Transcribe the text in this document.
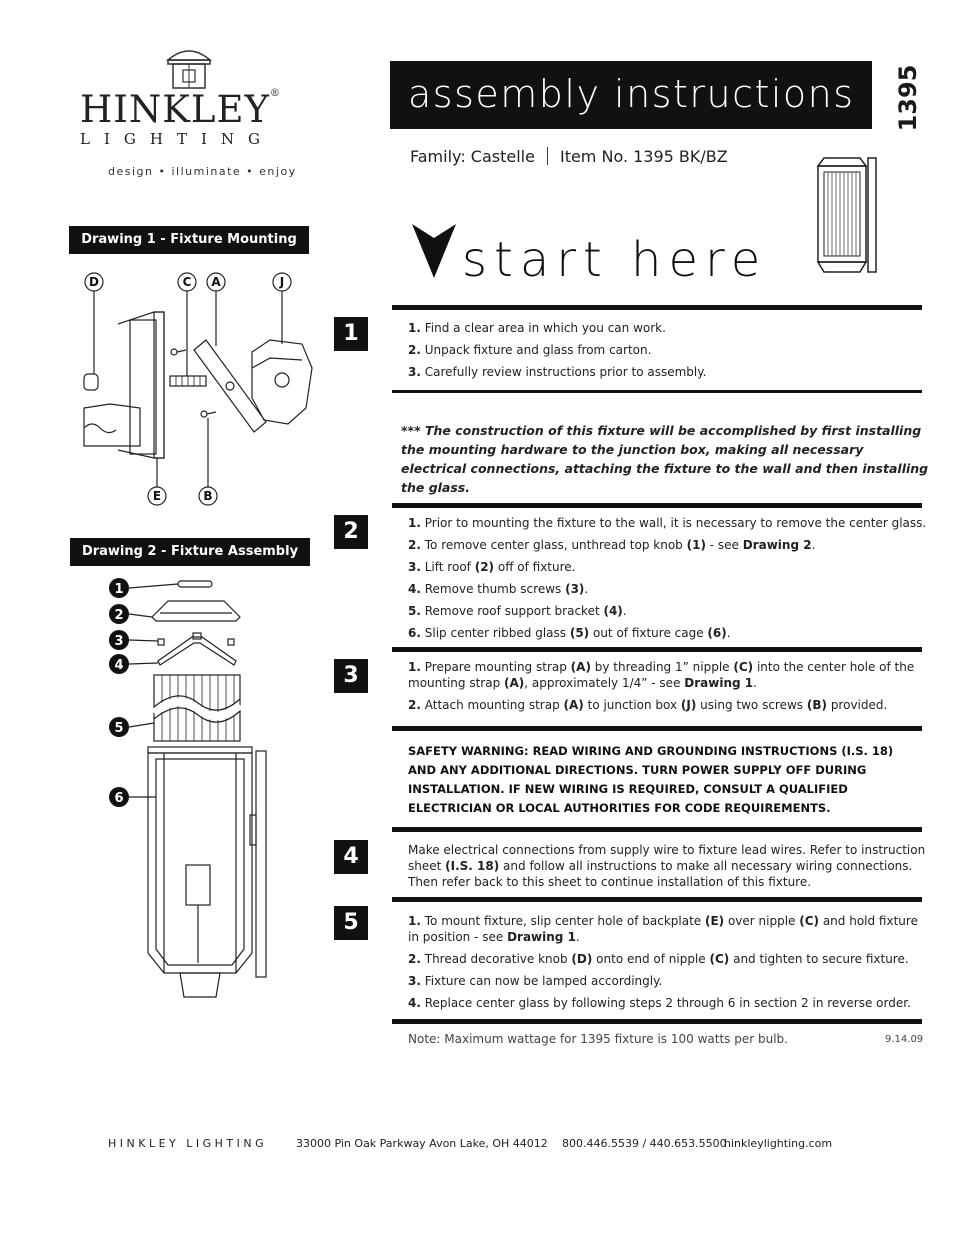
HINKLEY®
LIGHTING
design • illuminate • enjoy
assembly instructions	1395
Family: Castelle Item No. 1395 BK/BZ
start here
Drawing 1 - Fixture Mounting
D	C A	J
E	B
Drawing 2 - Fixture Assembly
1
2
3
4
5
6
1	1. Find a clear area in which you can work.
2. Unpack fixture and glass from carton.
3. Carefully review instructions prior to assembly.
*** The construction of this fixture will be accomplished by first installing the mounting hardware to the junction box, making all necessary electrical connections, attaching the fixture to the wall and then installing the glass.
2	1. Prior to mounting the fixture to the wall, it is necessary to remove the center glass.
2. To remove center glass, unthread top knob (1) - see Drawing 2.
3. Lift roof (2) off of fixture.
4. Remove thumb screws (3).
5. Remove roof support bracket (4).
6. Slip center ribbed glass (5) out of fixture cage (6).
3	1. Prepare mounting strap (A) by threading 1” nipple (C) into the center hole of the mounting strap (A), approximately 1/4” - see Drawing 1.
2. Attach mounting strap (A) to junction box (J) using two screws (B) provided.
SAFETY WARNING: READ WIRING AND GROUNDING INSTRUCTIONS (I.S. 18) AND ANY ADDITIONAL DIRECTIONS. TURN POWER SUPPLY OFF DURING INSTALLATION. IF NEW WIRING IS REQUIRED, CONSULT A QUALIFIED ELECTRICIAN OR LOCAL AUTHORITIES FOR CODE REQUIREMENTS.
4	Make electrical connections from supply wire to fixture lead wires. Refer to instruction sheet (I.S. 18) and follow all instructions to make all necessary wiring connections. Then refer back to this sheet to continue installation of this fixture.
5	1. To mount fixture, slip center hole of backplate (E) over nipple (C) and hold fixture in position - see Drawing 1.
2. Thread decorative knob (D) onto end of nipple (C) and tighten to secure fixture.
3. Fixture can now be lamped accordingly.
4. Replace center glass by following steps 2 through 6 in section 2 in reverse order.
Note: Maximum wattage for 1395 fixture is 100 watts per bulb.	9.14.09
HINKLEY LIGHTING	33000 Pin Oak Parkway Avon Lake, OH 44012 800.446.5539 / 440.653.5500
hinkleylighting.com
